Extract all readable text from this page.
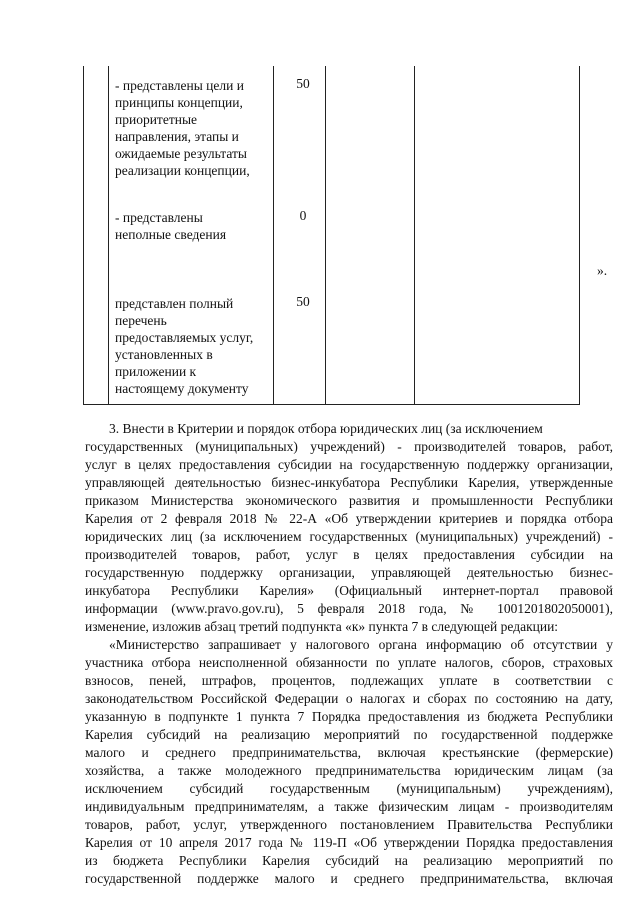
- представлены цели и
принципы концепции,
приоритетные
направления, этапы и
ожидаемые результаты
реализации концепции,
50
- представлены
неполные сведения
0
представлен полный
перечень
предоставляемых услуг,
установленных в
приложении к
настоящему документу
50
».
3. Внести в Критерии и порядок отбора юридических лиц (за исключением
государственных (муниципальных) учреждений) - производителей товаров, работ,
услуг в целях предоставления субсидии на государственную поддержку организации,
управляющей деятельностью бизнес-инкубатора Республики Карелия, утвержденные
приказом Министерства экономического развития и промышленности Республики
Карелия от 2 февраля 2018 № 22-А «Об утверждении критериев и порядка отбора
юридических лиц (за исключением государственных (муниципальных) учреждений) -
производителей товаров, работ, услуг в целях предоставления субсидии на
государственную поддержку организации, управляющей деятельностью бизнес-
инкубатора Республики Карелия» (Официальный интернет-портал правовой
информации (www.pravo.gov.ru), 5 февраля 2018 года, № 1001201802050001),
изменение, изложив абзац третий подпункта «к» пункта 7 в следующей редакции:
«Министерство запрашивает у налогового органа информацию об отсутствии у
участника отбора неисполненной обязанности по уплате налогов, сборов, страховых
взносов, пеней, штрафов, процентов, подлежащих уплате в соответствии с
законодательством Российской Федерации о налогах и сборах по состоянию на дату,
указанную в подпункте 1 пункта 7 Порядка предоставления из бюджета Республики
Карелия субсидий на реализацию мероприятий по государственной поддержке
малого и среднего предпринимательства, включая крестьянские (фермерские)
хозяйства, а также молодежного предпринимательства юридическим лицам (за
исключением субсидий государственным (муниципальным) учреждениям),
индивидуальным предпринимателям, а также физическим лицам - производителям
товаров, работ, услуг, утвержденного постановлением Правительства Республики
Карелия от 10 апреля 2017 года № 119-П «Об утверждении Порядка предоставления
из бюджета Республики Карелия субсидий на реализацию мероприятий по
государственной поддержке малого и среднего предпринимательства, включая
